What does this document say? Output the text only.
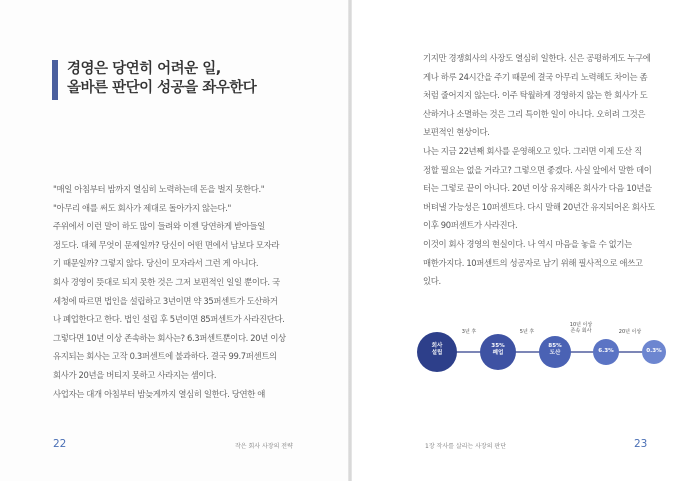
경영은 당연히 어려운 일,
올바른 판단이 성공을 좌우한다

"매일 아침부터 밤까지 열심히 노력하는데 돈을 벌지 못한다."

"아무리 애를 써도 회사가 제대로 돌아가지 않는다."

주위에서 이런 말이 하도 많이 들려와 이젠 당연하게 받아들일

정도다. 대체 무엇이 문제일까? 당신이 어떤 면에서 남보다 모자라

기 때문일까? 그렇지 않다. 당신이 모자라서 그런 게 아니다.

회사 경영이 뜻대로 되지 못한 것은 그저 보편적인 일일 뿐이다. 국

세청에 따르면 법인을 설립하고 3년이면 약 35퍼센트가 도산하거

나 폐업한다고 한다. 법인 설립 후 5년이면 85퍼센트가 사라진단다.

그렇다면 10년 이상 존속하는 회사는? 6.3퍼센트뿐이다. 20년 이상

유지되는 회사는 고작 0.3퍼센트에 불과하다. 결국 99.7퍼센트의

회사가 20년을 버티지 못하고 사라지는 셈이다.

사업자는 대개 아침부터 밤늦게까지 열심히 일한다. 당연한 얘

22	작은 회사 사장의 전략

기지만 경쟁회사의 사장도 열심히 일한다. 신은 공평하게도 누구에

게나 하루 24시간을 주기 때문에 결국 아무리 노력해도 차이는 좀

처럼 줄어지지 않는다. 이주 탁월하게 경영하지 않는 한 회사가 도

산하거나 소멸하는 것은 그리 특이한 일이 아니다. 오히려 그것은

보편적인 현상이다.

나는 지금 22년째 회사를 운영해오고 있다. 그러면 이제 도산 직

정할 필요는 없을 거라고? 그렇으면 좋겠다. 사실 앞에서 말한 데이

터는 그렇로 끝이 아니다. 20년 이상 유지해온 회사가 다음 10년을

버텨낼 가능성은 10퍼센트다. 다시 말해 20년간 유지되어온 회사도

이후 90퍼센트가 사라진다.

이것이 회사 경영의 현실이다. 나 역시 마음을 놓을 수 없기는

매한가지다. 10퍼센트의 성공자로 남기 위해 필사적으로 애쓰고

있다.

회사
설립
35%
폐업
85%
도산	6.3%	0.3%
3년 후	5년 후
10년 이상
존속 회사	20년 이상
1장 작사를 살리는 사장의 판단	23
